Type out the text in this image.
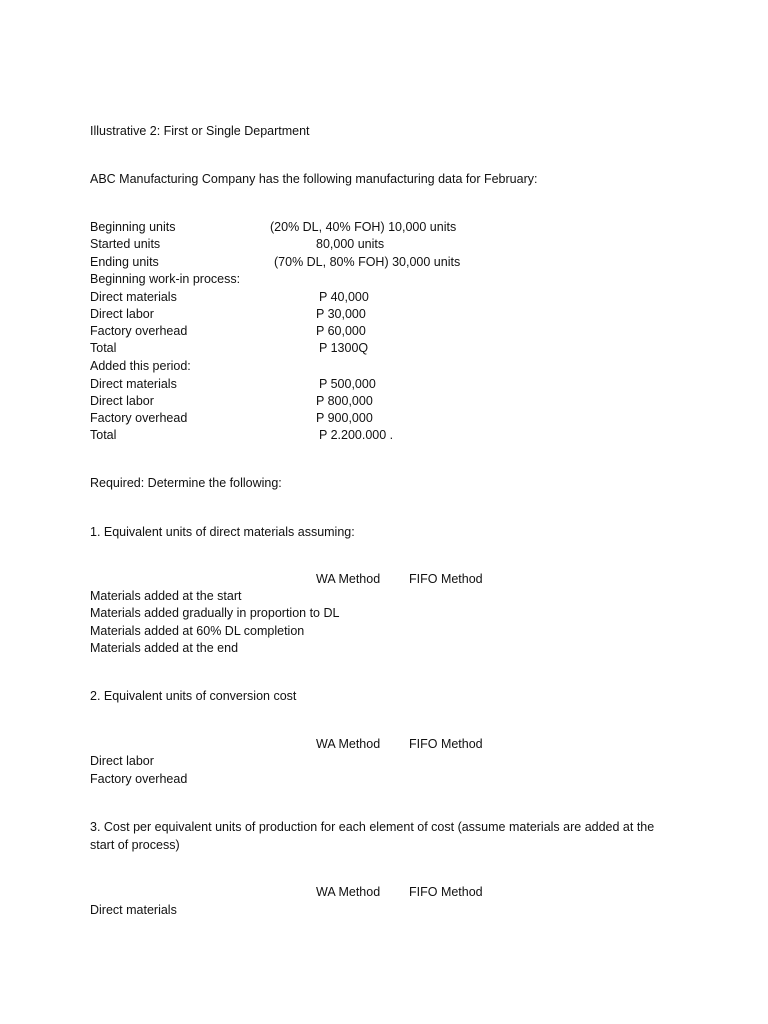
Illustrative 2: First or Single Department
ABC Manufacturing Company has the following manufacturing data for February:
Beginning units	(20% DL, 40% FOH) 10,000 units
Started units	80,000 units
Ending units	(70% DL, 80% FOH) 30,000 units
Beginning work-in process:
Direct materials	P 40,000
Direct labor	P 30,000
Factory overhead	P 60,000
Total	P 1300Q
Added this period:
Direct materials	P 500,000
Direct labor	P 800,000
Factory overhead	P 900,000
Total	P 2.200.000 .
Required: Determine the following:
1. Equivalent units of direct materials assuming:
WA Method FIFO Method
Materials added at the start
Materials added gradually in proportion to DL
Materials added at 60% DL completion
Materials added at the end
2. Equivalent units of conversion cost
WA Method FIFO Method
Direct labor
Factory overhead
3. Cost per equivalent units of production for each element of cost (assume materials are added at the
start of process)
WA Method FIFO Method
Direct materials
